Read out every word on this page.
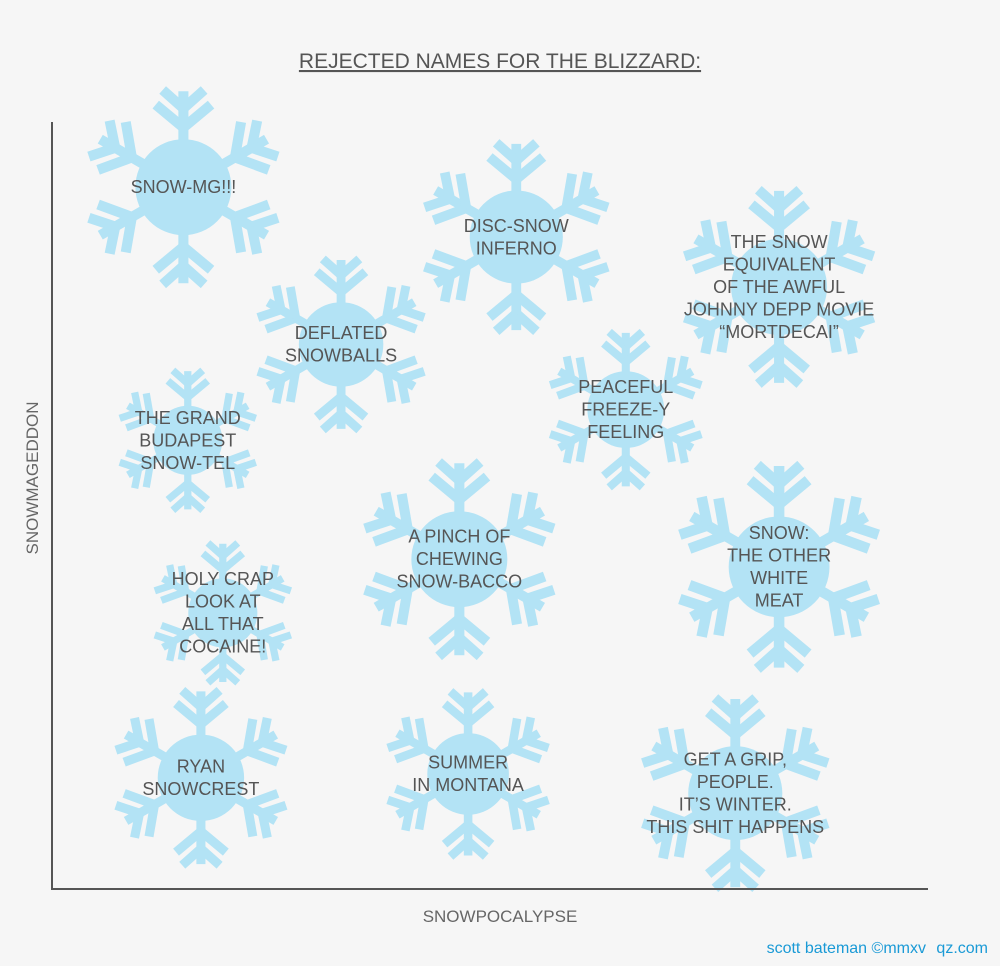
REJECTED NAMES FOR THE BLIZZARD:
SNOW-MG!!!
DISC-SNOW INFERNO	THE SNOW EQUIVALENT OF THE AWFUL JOHNNY DEPP MOVIE “MORTDECAI”
DEFLATED SNOWBALLS
PEACEFUL FREEZE-Y FEELING
THE GRAND BUDAPEST SNOW-TEL
A PINCH OF CHEWING SNOW-BACCO
SNOW: THE OTHER WHITE MEAT
HOLY CRAP LOOK AT ALL THAT COCAINE!
RYAN SNOWCREST
SUMMER IN MONTANA
GET A GRIP, PEOPLE. IT’S WINTER. THIS SHIT HAPPENS
SNOWPOCALYPSE
SNOWMAGEDDON
scott bateman ©mmxv qz.com
